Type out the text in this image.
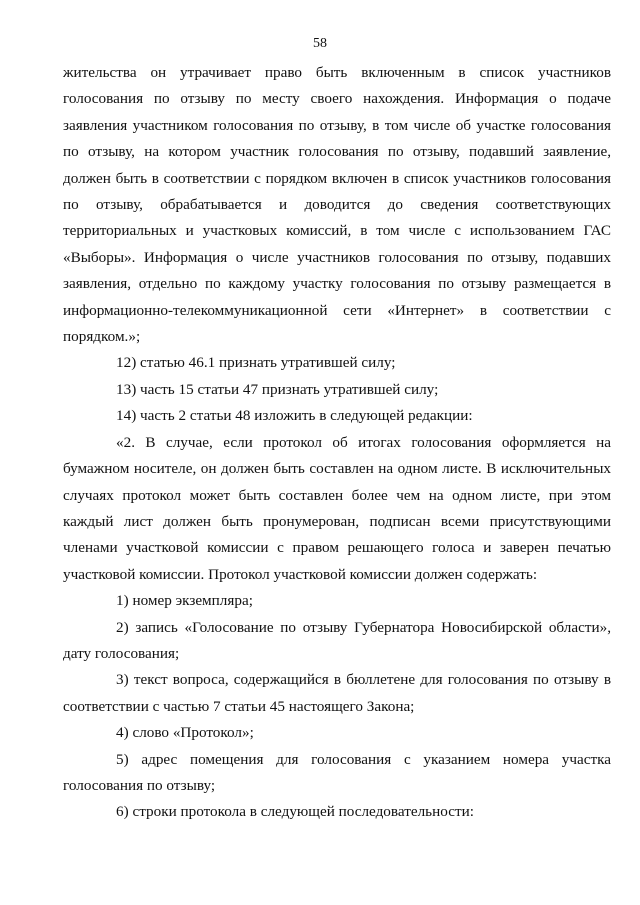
58

жительства он утрачивает право быть включенным в список участников голосования по отзыву по месту своего нахождения. Информация о подаче заявления участником голосования по отзыву, в том числе об участке голосования по отзыву, на котором участник голосования по отзыву, подавший заявление, должен быть в соответствии с порядком включен в список участников голосования по отзыву, обрабатывается и доводится до сведения соответствующих территориальных и участковых комиссий, в том числе с использованием ГАС «Выборы». Информация о числе участников голосования по отзыву, подавших заявления, отдельно по каждому участку голосования по отзыву размещается в информационно-телекоммуникационной сети «Интернет» в соответствии с порядком.»;

12) статью 46.1 признать утратившей силу;

13) часть 15 статьи 47 признать утратившей силу;

14) часть 2 статьи 48 изложить в следующей редакции:

«2. В случае, если протокол об итогах голосования оформляется на бумажном носителе, он должен быть составлен на одном листе. В исключительных случаях протокол может быть составлен более чем на одном листе, при этом каждый лист должен быть пронумерован, подписан всеми присутствующими членами участковой комиссии с правом решающего голоса и заверен печатью участковой комиссии. Протокол участковой комиссии должен содержать:

1) номер экземпляра;

2) запись «Голосование по отзыву Губернатора Новосибирской области», дату голосования;

3) текст вопроса, содержащийся в бюллетене для голосования по отзыву в соответствии с частью 7 статьи 45 настоящего Закона;

4) слово «Протокол»;

5) адрес помещения для голосования с указанием номера участка голосования по отзыву;

6) строки протокола в следующей последовательности:
